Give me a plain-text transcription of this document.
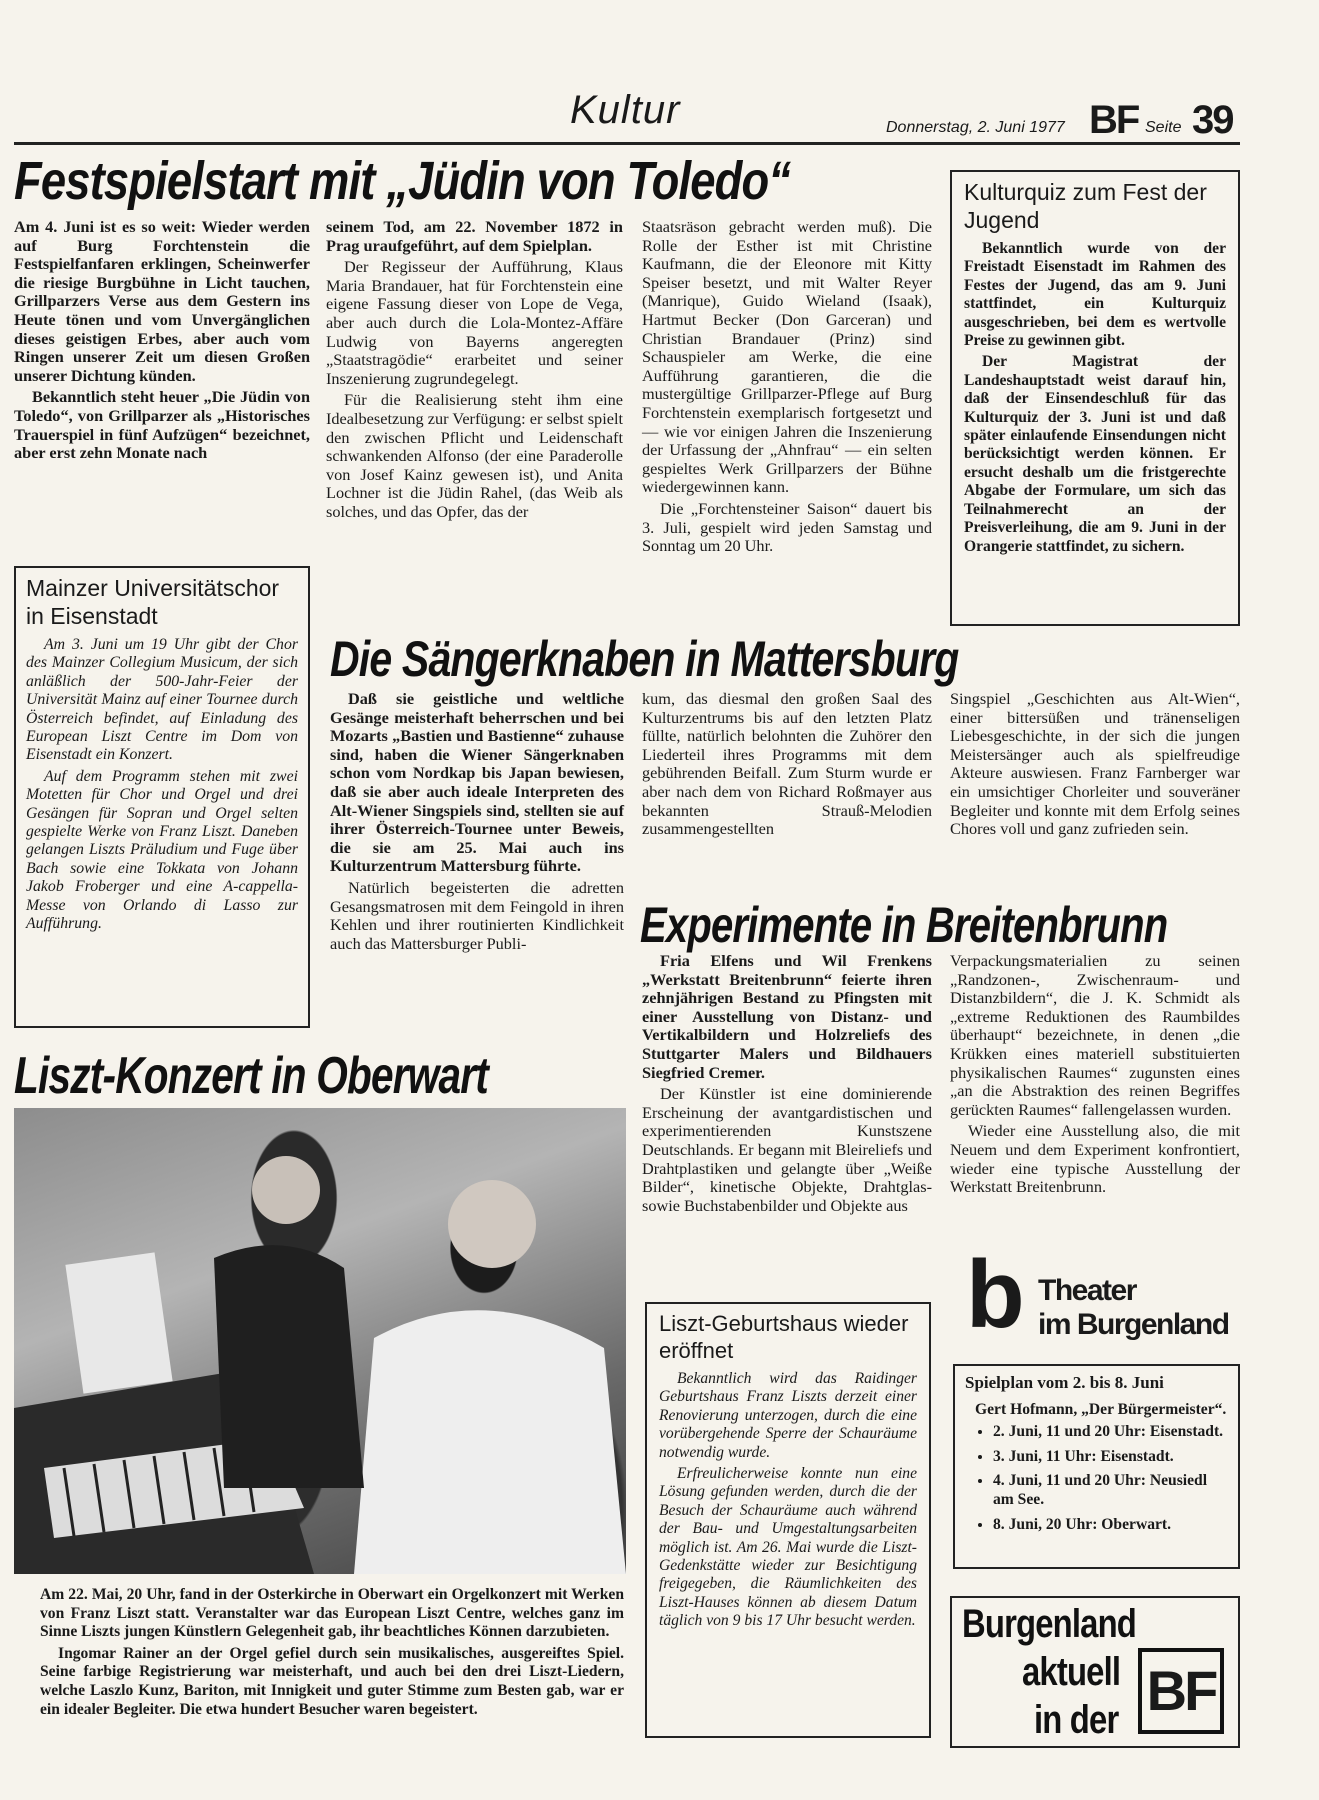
Kultur	Donnerstag, 2. Juni 1977 BF Seite 39
Festspielstart mit „Jüdin von Toledo“

Am 4. Juni ist es so weit: Wieder werden auf Burg Forchtenstein die Festspielfanfaren erklingen, Scheinwerfer die riesige Burgbühne in Licht tauchen, Grillparzers Verse aus dem Gestern ins Heute tönen und vom Unvergänglichen dieses geistigen Erbes, aber auch vom Ringen unserer Zeit um diesen Großen unserer Dichtung künden.

Bekanntlich steht heuer „Die Jüdin von Toledo“, von Grillparzer als „Historisches Trauerspiel in fünf Aufzügen“ bezeichnet, aber erst zehn Monate nach

seinem Tod, am 22. November 1872 in Prag uraufgeführt, auf dem Spielplan.

Der Regisseur der Aufführung, Klaus Maria Brandauer, hat für Forchtenstein eine eigene Fassung dieser von Lope de Vega, aber auch durch die Lola-Montez-Affäre Ludwig von Bayerns angeregten „Staatstragödie“ erarbeitet und seiner Inszenierung zugrundegelegt.

Für die Realisierung steht ihm eine Idealbesetzung zur Verfügung: er selbst spielt den zwischen Pflicht und Leidenschaft schwankenden Alfonso (der eine Paraderolle von Josef Kainz gewesen ist), und Anita Lochner ist die Jüdin Rahel, (das Weib als solches, und das Opfer, das der

Staatsräson gebracht werden muß). Die Rolle der Esther ist mit Christine Kaufmann, die der Eleonore mit Kitty Speiser besetzt, und mit Walter Reyer (Manrique), Guido Wieland (Isaak), Hartmut Becker (Don Garceran) und Christian Brandauer (Prinz) sind Schauspieler am Werke, die eine Aufführung garantieren, die die mustergültige Grillparzer-Pflege auf Burg Forchtenstein exemplarisch fortgesetzt und — wie vor einigen Jahren die Inszenierung der Urfassung der „Ahnfrau“ — ein selten gespieltes Werk Grillparzers der Bühne wiedergewinnen kann.

Die „Forchtensteiner Saison“ dauert bis 3. Juli, gespielt wird jeden Samstag und Sonntag um 20 Uhr.

Kulturquiz zum Fest der Jugend

Bekanntlich wurde von der Freistadt Eisenstadt im Rahmen des Festes der Jugend, das am 9. Juni stattfindet, ein Kulturquiz ausgeschrieben, bei dem es wertvolle Preise zu gewinnen gibt.

Der Magistrat der Landeshauptstadt weist darauf hin, daß der Einsendeschluß für das Kulturquiz der 3. Juni ist und daß später einlaufende Einsendungen nicht berücksichtigt werden können. Er ersucht deshalb um die fristgerechte Abgabe der Formulare, um sich das Teilnahmerecht an der Preisverleihung, die am 9. Juni in der Orangerie stattfindet, zu sichern.

Mainzer Universitätschor in Eisenstadt

Am 3. Juni um 19 Uhr gibt der Chor des Mainzer Collegium Musicum, der sich anläßlich der 500-Jahr-Feier der Universität Mainz auf einer Tournee durch Österreich befindet, auf Einladung des European Liszt Centre im Dom von Eisenstadt ein Konzert.

Auf dem Programm stehen mit zwei Motetten für Chor und Orgel und drei Gesängen für Sopran und Orgel selten gespielte Werke von Franz Liszt. Daneben gelangen Liszts Präludium und Fuge über Bach sowie eine Tokkata von Johann Jakob Froberger und eine A-cappella-Messe von Orlando di Lasso zur Aufführung.

Die Sängerknaben in Mattersburg

Daß sie geistliche und weltliche Gesänge meisterhaft beherrschen und bei Mozarts „Bastien und Bastienne“ zuhause sind, haben die Wiener Sängerknaben schon vom Nordkap bis Japan bewiesen, daß sie aber auch ideale Interpreten des Alt-Wiener Singspiels sind, stellten sie auf ihrer Österreich-Tournee unter Beweis, die sie am 25. Mai auch ins Kulturzentrum Mattersburg führte.

Natürlich begeisterten die adretten Gesangsmatrosen mit dem Feingold in ihren Kehlen und ihrer routinierten Kindlichkeit auch das Mattersburger Publi-

kum, das diesmal den großen Saal des Kulturzentrums bis auf den letzten Platz füllte, natürlich belohnten die Zuhörer den Liederteil ihres Programms mit dem gebührenden Beifall. Zum Sturm wurde er aber nach dem von Richard Roßmayer aus bekannten Strauß-Melodien zusammengestellten

Singspiel „Geschichten aus Alt-Wien“, einer bittersüßen und tränenseligen Liebesgeschichte, in der sich die jungen Meistersänger auch als spielfreudige Akteure auswiesen. Franz Farnberger war ein umsichtiger Chorleiter und souveräner Begleiter und konnte mit dem Erfolg seines Chores voll und ganz zufrieden sein.

Experimente in Breitenbrunn

Fria Elfens und Wil Frenkens „Werkstatt Breitenbrunn“ feierte ihren zehnjährigen Bestand zu Pfingsten mit einer Ausstellung von Distanz- und Vertikalbildern und Holzreliefs des Stuttgarter Malers und Bildhauers Siegfried Cremer.

Der Künstler ist eine dominierende Erscheinung der avantgardistischen und experimentierenden Kunstszene Deutschlands. Er begann mit Bleireliefs und Drahtplastiken und gelangte über „Weiße Bilder“, kinetische Objekte, Drahtglas- sowie Buchstabenbilder und Objekte aus

Verpackungsmaterialien zu seinen „Randzonen-, Zwischenraum- und Distanzbildern“, die J. K. Schmidt als „extreme Reduktionen des Raumbildes überhaupt“ bezeichnete, in denen „die Krükken eines materiell substituierten physikalischen Raumes“ zugunsten eines „an die Abstraktion des reinen Begriffes gerückten Raumes“ fallengelassen wurden.

Wieder eine Ausstellung also, die mit Neuem und dem Experiment konfrontiert, wieder eine typische Ausstellung der Werkstatt Breitenbrunn.

Liszt-Konzert in Oberwart

Am 22. Mai, 20 Uhr, fand in der Osterkirche in Oberwart ein Orgelkonzert mit Werken von Franz Liszt statt. Veranstalter war das European Liszt Centre, welches ganz im Sinne Liszts jungen Künstlern Gelegenheit gab, ihr beachtliches Können darzubieten.

Ingomar Rainer an der Orgel gefiel durch sein musikalisches, ausgereiftes Spiel. Seine farbige Registrierung war meisterhaft, und auch bei den drei Liszt-Liedern, welche Laszlo Kunz, Bariton, mit Innigkeit und guter Stimme zum Besten gab, war er ein idealer Begleiter. Die etwa hundert Besucher waren begeistert.

Liszt-Geburtshaus wieder eröffnet

Bekanntlich wird das Raidinger Geburtshaus Franz Liszts derzeit einer Renovierung unterzogen, durch die eine vorübergehende Sperre der Schauräume notwendig wurde.

Erfreulicherweise konnte nun eine Lösung gefunden werden, durch die der Besuch der Schauräume auch während der Bau- und Umgestaltungsarbeiten möglich ist. Am 26. Mai wurde die Liszt-Gedenkstätte wieder zur Besichtigung freigegeben, die Räumlichkeiten des Liszt-Hauses können ab diesem Datum täglich von 9 bis 17 Uhr besucht werden.

b Theater
im Burgenland
Spielplan vom 2. bis 8. Juni
Gert Hofmann, „Der Bürgermeister“.
• 2. Juni, 11 und 20 Uhr: Eisenstadt.
• 3. Juni, 11 Uhr: Eisenstadt.
• 4. Juni, 11 und 20 Uhr: Neusiedl am See.
• 8. Juni, 20 Uhr: Oberwart.
Burgenland
aktuell
in der BF
